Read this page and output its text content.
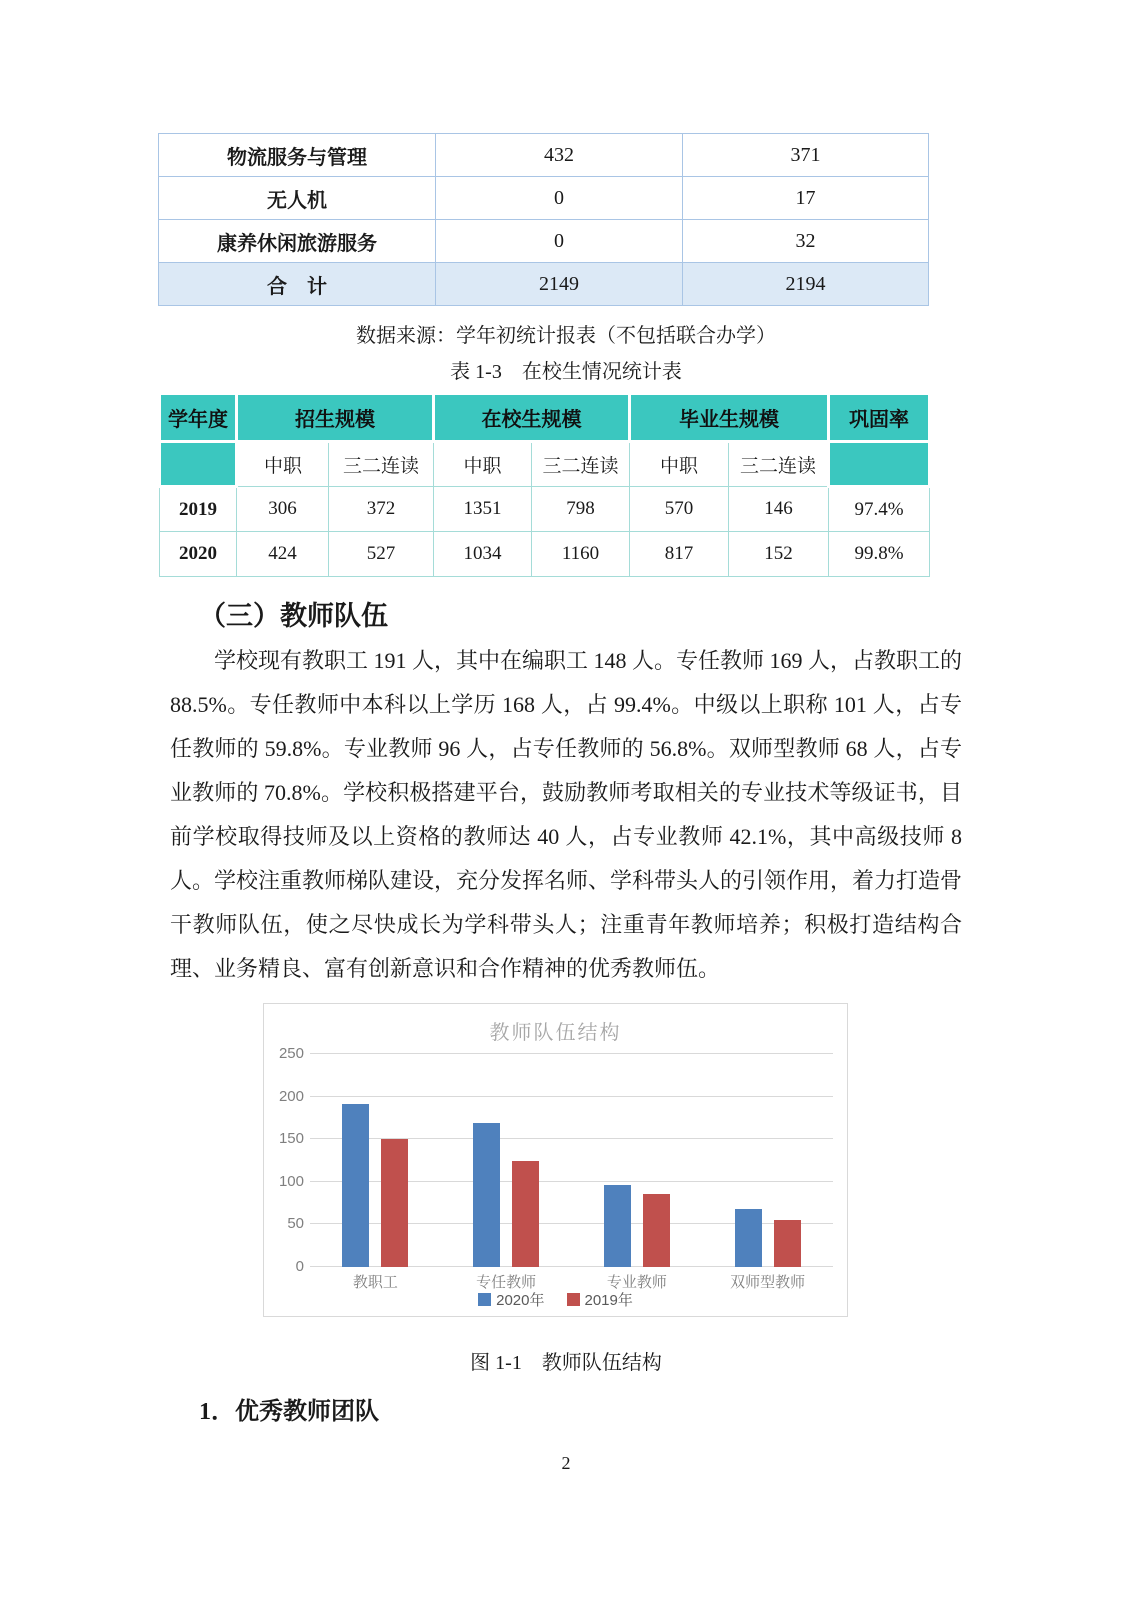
物流服务与管理	432	371
无人机	0	17
康养休闲旅游服务	0	32
合　计	2149	2194
数据来源：学年初统计报表（不包括联合办学）
表 1-3　在校生情况统计表
学年度	招生规模		在校生规模		毕业生规模		巩固率
	中职	三二连读	中职	三二连读	中职	三二连读	
2019	306	372	1351	798	570	146	97.4%
2020	424	527	1034	1160	817	152	99.8%
（三）教师队伍
学校现有教职工 191 人，其中在编职工 148 人。专任教师 169 人，占教职工的 88.5%。专任教师中本科以上学历 168 人，占 99.4%。中级以上职称 101 人，占专任教师的 59.8%。专业教师 96 人，占专任教师的 56.8%。双师型教师 68 人，占专业教师的 70.8%。学校积极搭建平台，鼓励教师考取相关的专业技术等级证书，目前学校取得技师及以上资格的教师达 40 人，占专业教师 42.1%，其中高级技师 8 人。学校注重教师梯队建设，充分发挥名师、学科带头人的引领作用，着力打造骨干教师队伍，使之尽快成长为学科带头人；注重青年教师培养；积极打造结构合理、业务精良、富有创新意识和合作精神的优秀教师伍。
教师队伍结构
0
50
100
150
200
250
教职工	专任教师	专业教师	双师型教师
2020年	2019年
图 1-1　教师队伍结构
1．优秀教师团队
2
